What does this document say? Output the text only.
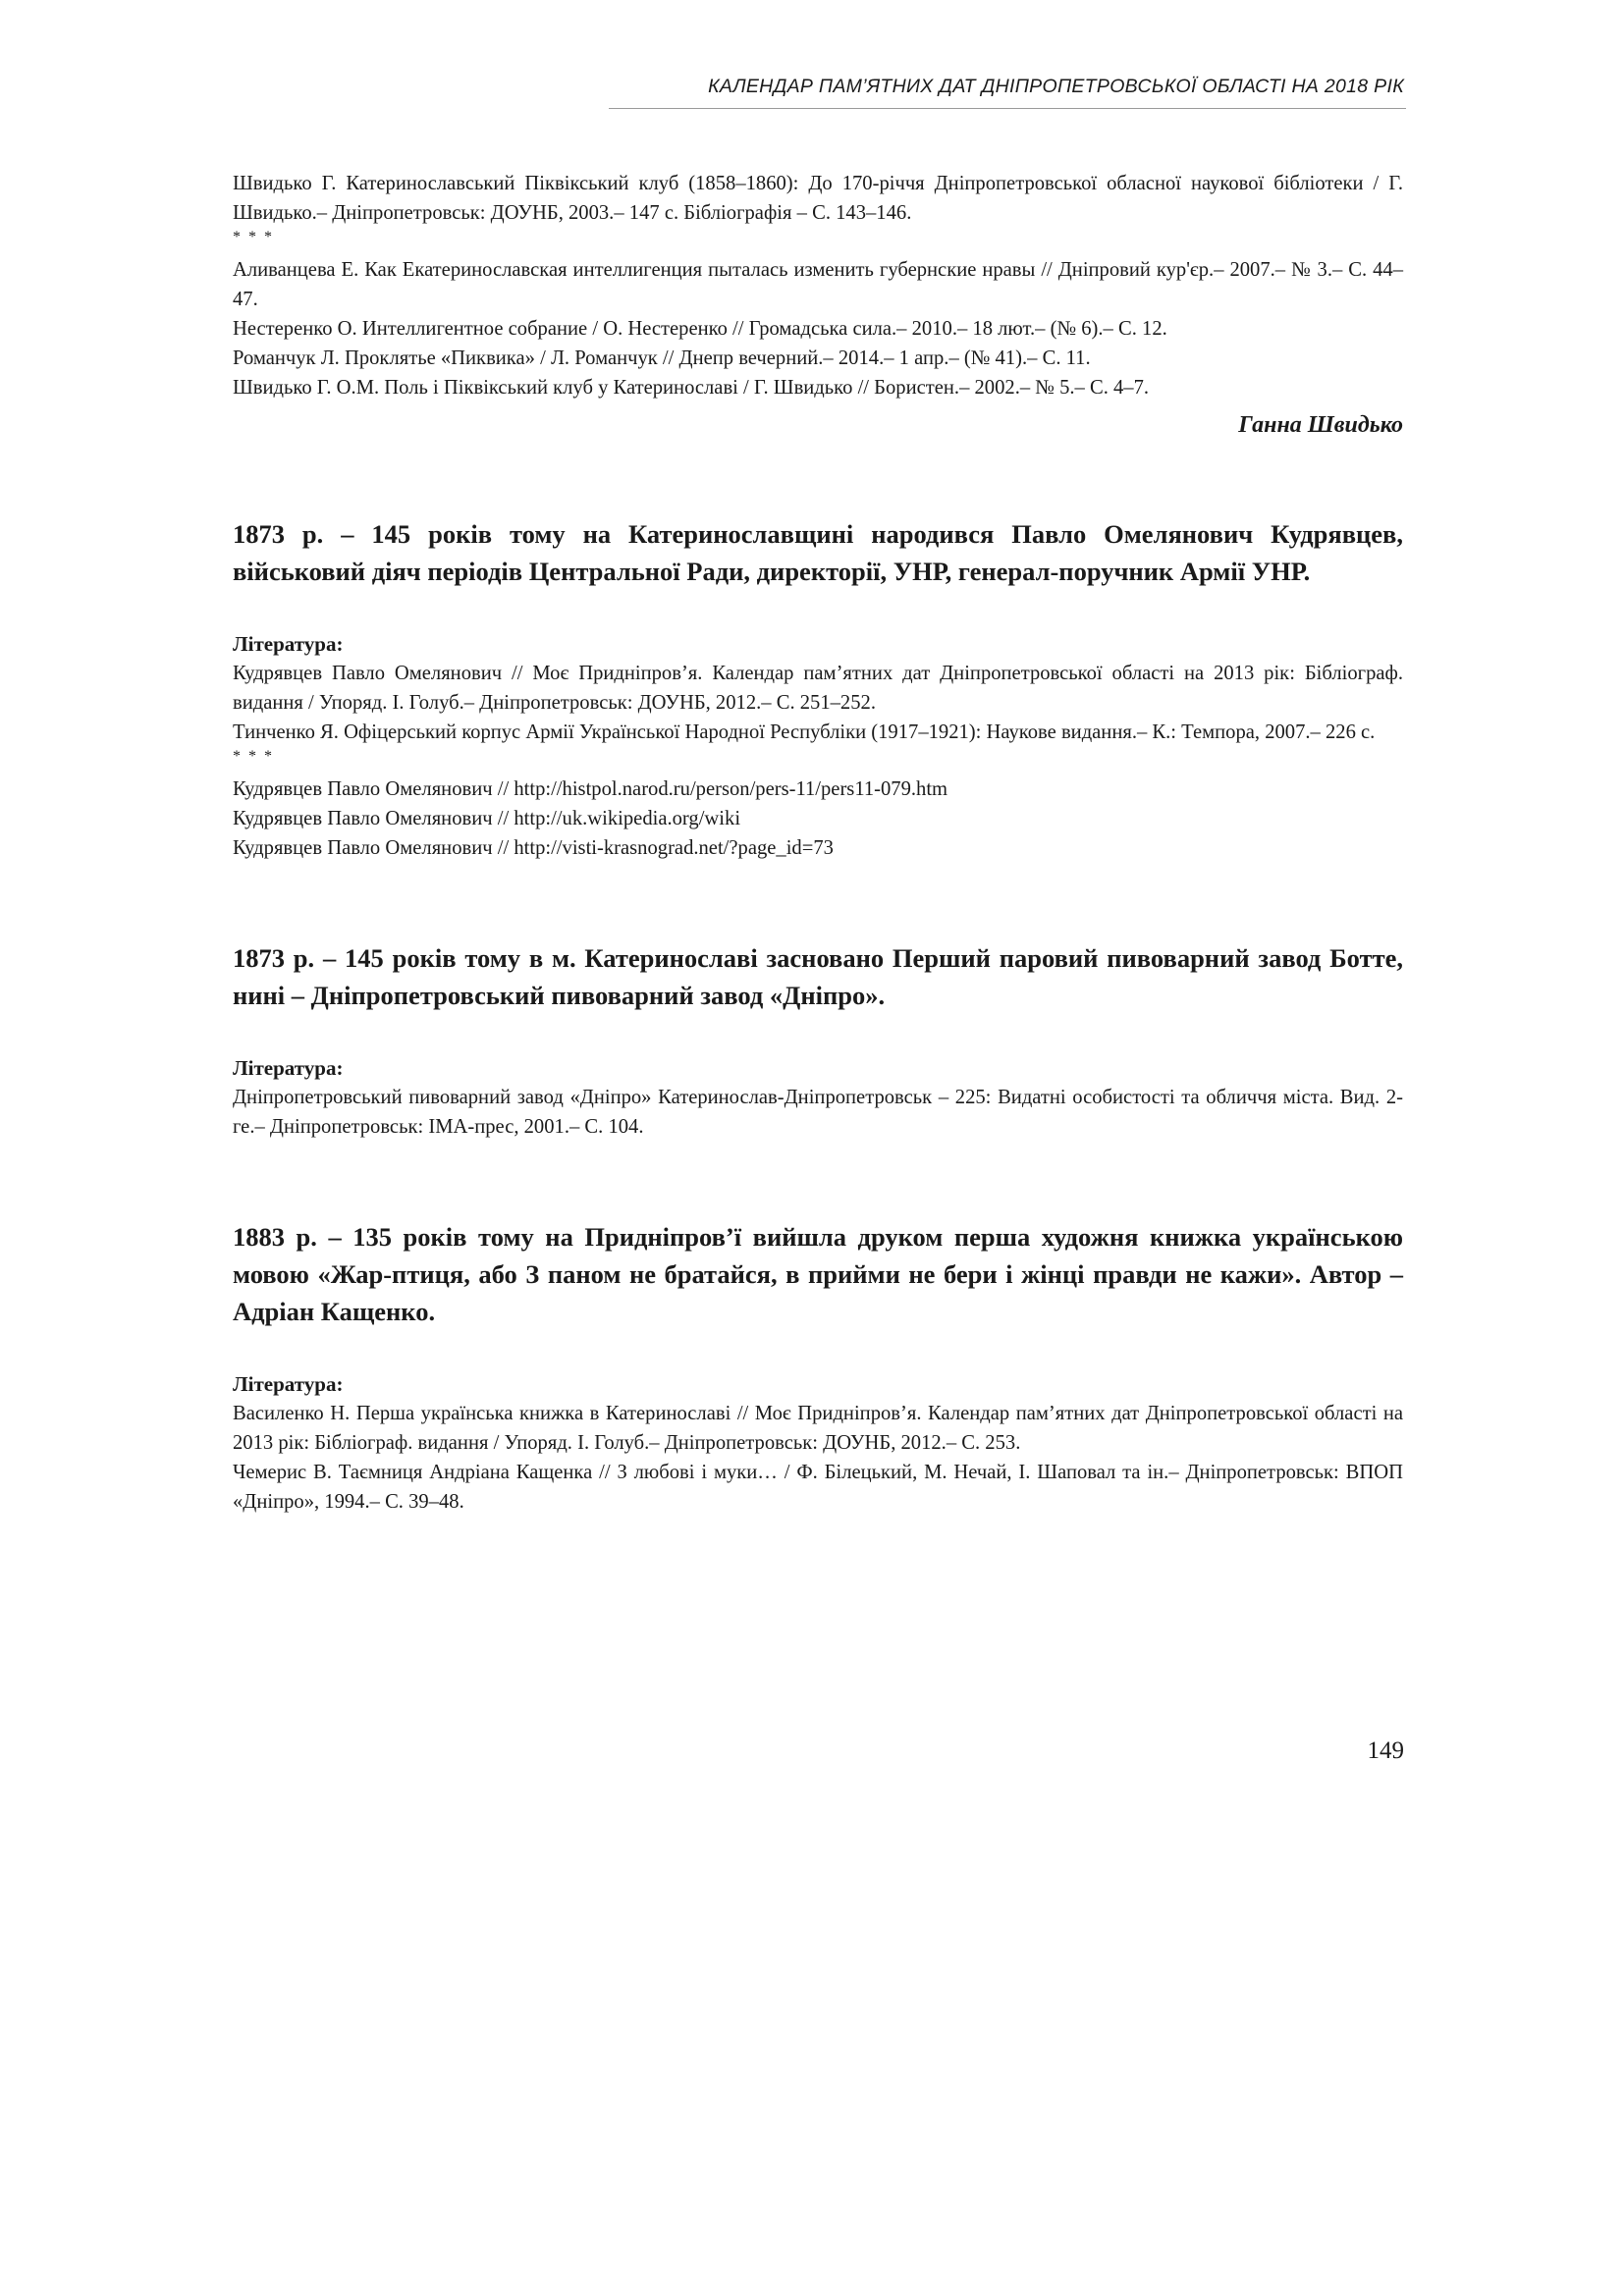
КАЛЕНДАР ПАМ’ЯТНИХ ДАТ ДНІПРОПЕТРОВСЬКОЇ ОБЛАСТІ НА 2018 РІК

Швидько Г. Катеринославський Піквікський клуб (1858–1860): До 170-річчя Дніпропетровської обласної наукової бібліотеки / Г. Швидько.– Дніпропетровськ: ДОУНБ, 2003.– 147 с. Бібліографія – С. 143–146.

* * *

Аливанцева Е. Как Екатеринославская интеллигенция пыталась изменить губернские нравы // Дніпровий кур'єр.– 2007.– № 3.– С. 44–47.

Нестеренко О. Интеллигентное собрание / О. Нестеренко // Громадська сила.– 2010.– 18 лют.– (№ 6).– С. 12.

Романчук Л. Проклятье «Пиквика» / Л. Романчук // Днепр вечерний.– 2014.– 1 апр.– (№ 41).– С. 11.

Швидько Г. О.М. Поль і Піквікський клуб у Катеринославі / Г. Швидько // Бористен.– 2002.– № 5.– С. 4–7.

Ганна Швидько

1873 р. – 145 років тому на Катеринославщині народився Павло Омелянович Кудрявцев, військовий діяч періодів Центральної Ради, директорії, УНР, генерал-поручник Армії УНР.

Література:

Кудрявцев Павло Омелянович // Моє Придніпров’я. Календар пам’ятних дат Дніпропетровської області на 2013 рік: Бібліограф. видання / Упоряд. І. Голуб.– Дніпропетровськ: ДОУНБ, 2012.– С. 251–252.

Тинченко Я. Офіцерський корпус Армії Української Народної Республіки (1917–1921): Наукове видання.– К.: Темпора, 2007.– 226 с.

* * *

Кудрявцев Павло Омелянович // http://histpol.narod.ru/person/pers-11/pers11-079.htm

Кудрявцев Павло Омелянович // http://uk.wikipedia.org/wiki

Кудрявцев Павло Омелянович // http://visti-krasnograd.net/?page_id=73

1873 р. – 145 років тому в м. Катеринославі засновано Перший паровий пивоварний завод Ботте, нині – Дніпропетровський пивоварний завод «Дніпро».

Література:

Дніпропетровський пивоварний завод «Дніпро» Катеринослав-Дніпропетровськ – 225: Видатні особистості та обличчя міста. Вид. 2-ге.– Дніпропетровськ: ІМА-прес, 2001.– С. 104.

1883 р. – 135 років тому на Придніпров’ї вийшла друком перша художня книжка українською мовою «Жар-птиця, або З паном не братайся, в прийми не бери і жінці правди не кажи». Автор – Адріан Кащенко.

Література:

Василенко Н. Перша українська книжка в Катеринославі // Моє Придніпров’я. Календар пам’ятних дат Дніпропетровської області на 2013 рік: Бібліограф. видання / Упоряд. І. Голуб.– Дніпропетровськ: ДОУНБ, 2012.– С. 253.

Чемерис В. Таємниця Андріана Кащенка // З любові і муки… / Ф. Білецький, М. Нечай, І. Шаповал та ін.– Дніпропетровськ: ВПОП «Дніпро», 1994.– С. 39–48.

149
